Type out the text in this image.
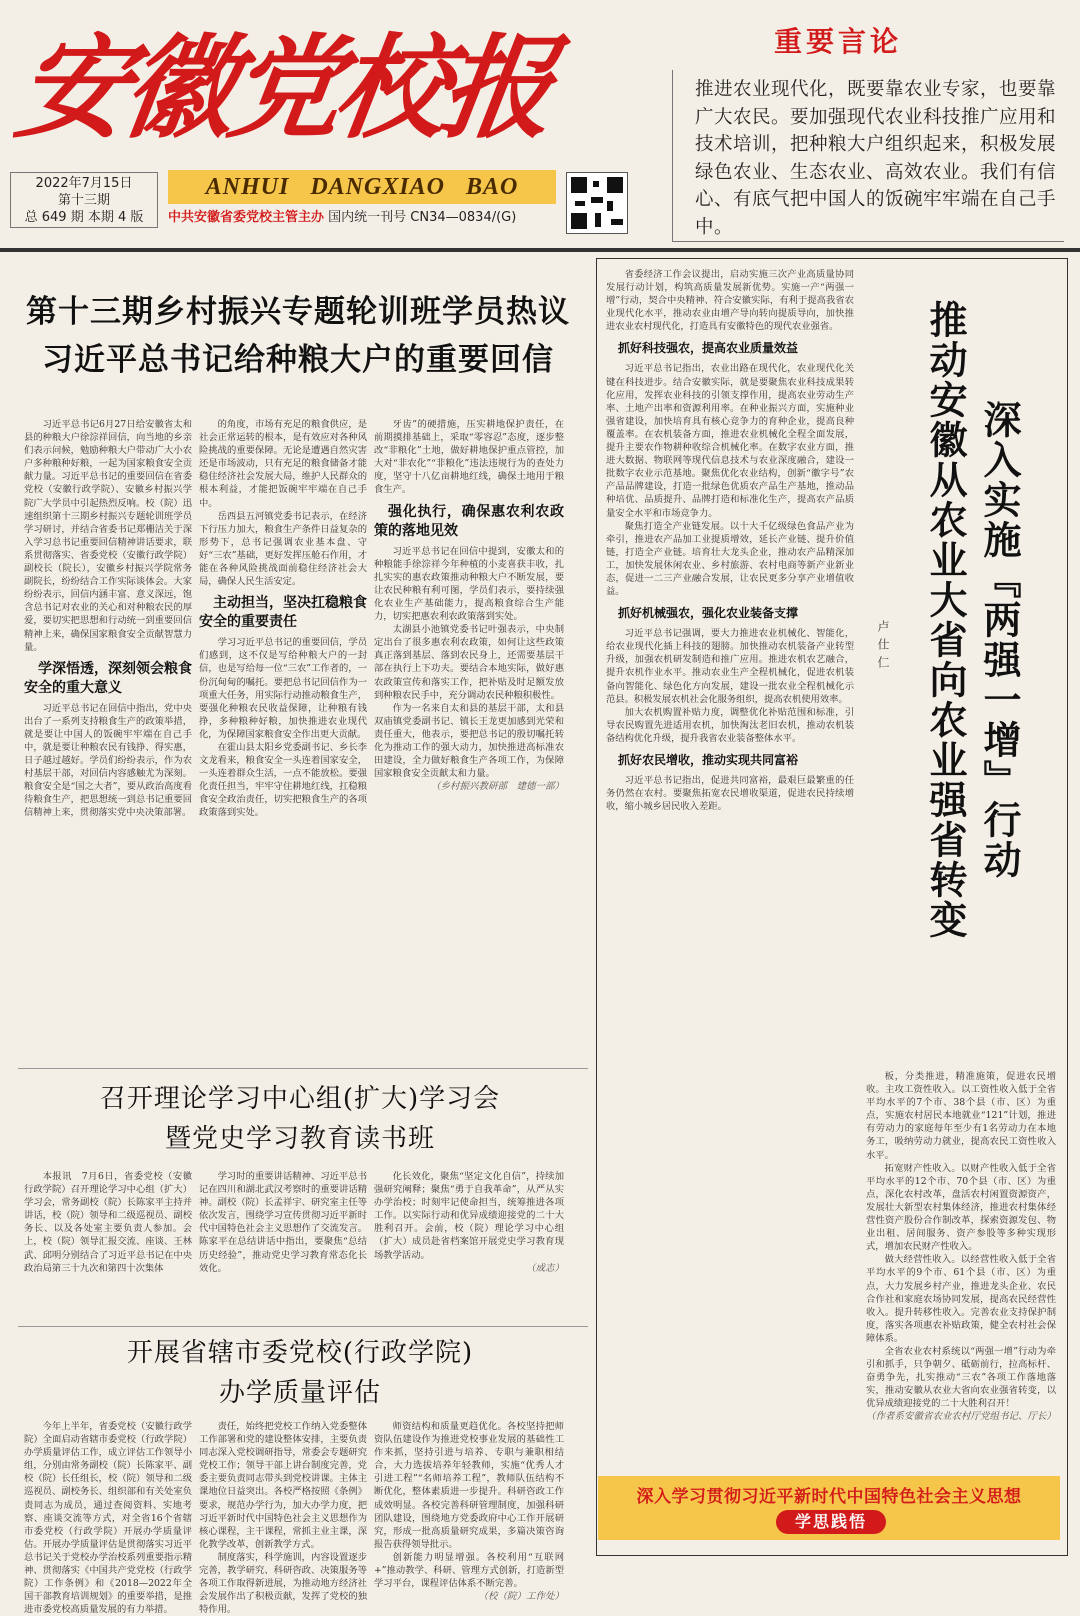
安徽党校报
2022年7月15日
第十三期
总 649 期 本期 4 版
ANHUI   DANGXIAO   BAO
中共安徽省委党校主管主办 国内统一刊号 CN34—0834/(G)
重要言论
推进农业现代化，既要靠农业专家，也要靠广大农民。要加强现代农业科技推广应用和技术培训，把种粮大户组织起来，积极发展绿色农业、生态农业、高效农业。我们有信心、有底气把中国人的饭碗牢牢端在自己手中。
第十三期乡村振兴专题轮训班学员热议
习近平总书记给种粮大户的重要回信

习近平总书记6月27日给安徽省太和县的种粮大户徐淙祥回信，向当地的乡亲们表示问候，勉励种粮大户带动广大小农户多种粮种好粮，一起为国家粮食安全贡献力量。习近平总书记的重要回信在省委党校（安徽行政学院）、安徽乡村振兴学院广大学员中引起热烈反响。校（院）迅速组织第十三期乡村振兴专题轮训班学员学习研讨，并结合省委书记郑栅洁关于深入学习总书记重要回信精神讲话要求，联系贯彻落实、省委党校（安徽行政学院）副校长（院长），安徽乡村振兴学院常务副院长，纷纷结合工作实际谈体会。大家纷纷表示，回信内涵丰富、意义深远，饱含总书记对农业的关心和对种粮农民的厚爱，要切实把思想和行动统一到重要回信精神上来，确保国家粮食安全贡献智慧力量。

学深悟透，深刻领会粮食安全的重大意义

习近平总书记在回信中指出，党中央出台了一系列支持粮食生产的政策举措，就是要让中国人的饭碗牢牢端在自己手中，就是要让种粮农民有钱挣、得实惠，日子越过越好。学员们纷纷表示，作为农村基层干部，对回信内容感触尤为深刻。粮食安全是“国之大者”，要从政治高度看待粮食生产，把思想统一到总书记重要回信精神上来，贯彻落实党中央决策部署。

的角度，市场有充足的粮食供应，是社会正常运转的根本，是有效应对各种风险挑战的重要保障。无论是遭遇自然灾害还是市场波动，只有充足的粮食储备才能稳住经济社会发展大局，维护人民群众的根本利益，才能把饭碗牢牢端在自己手中。

岳西县五河镇党委书记表示，在经济下行压力加大，粮食生产条件日益复杂的形势下，总书记强调农业基本盘、守好“三农”基础，更好发挥压舱石作用，才能在各种风险挑战面前稳住经济社会大局，确保人民生活安定。

主动担当，坚决扛稳粮食安全的重要责任

学习习近平总书记的重要回信，学员们感到，这不仅是写给种粮大户的一封信，也是写给每一位“三农”工作者的，一份沉甸甸的嘱托。要把总书记回信作为一项重大任务，用实际行动推动粮食生产，要强化种粮农民收益保障，让种粮有钱挣，多种粮种好粮，加快推进农业现代化，为保障国家粮食安全作出更大贡献。

在霍山县太阳乡党委副书记、乡长李文龙看来，粮食安全一头连着国家安全，一头连着群众生活，一点不能放松。要强化责任担当，牢牢守住耕地红线，扛稳粮食安全政治责任，切实把粮食生产的各项政策落到实处。

牙齿”的硬措施，压实耕地保护责任，在前期摸排基础上，采取“零容忍”态度，逐步整改“非粮化”土地，做好耕地保护重点管控，加大对“非农化”“非粮化”违法违规行为的查处力度，坚守十八亿亩耕地红线，确保土地用于粮食生产。

强化执行，确保惠农利农政策的落地见效

习近平总书记在回信中提到，安徽太和的种粮能手徐淙祥今年种植的小麦喜获丰收，扎扎实实的惠农政策推动种粮大户不断发展，要让农民种粮有利可图，学员们表示，要持续强化农业生产基础能力，提高粮食综合生产能力，切实把惠农利农政策落到实处。

太湖县小池镇党委书记叶强表示，中央制定出台了很多惠农利农政策，如何让这些政策真正落到基层、落到农民身上，还需要基层干部在执行上下功夫。要结合本地实际，做好惠农政策宣传和落实工作，把补贴及时足额发放到种粮农民手中，充分调动农民种粮积极性。

作为一名来自太和县的基层干部，太和县双庙镇党委副书记、镇长王龙更加感到光荣和责任重大，他表示，要把总书记的殷切嘱托转化为推动工作的强大动力，加快推进高标准农田建设，全力做好粮食生产各项工作，为保障国家粮食安全贡献太和力量。

（乡村振兴教研部　建德一部）
召开理论学习中心组(扩大)学习会
暨党史学习教育读书班

本报讯　7月6日，省委党校（安徽行政学院）召开理论学习中心组（扩大）学习会，常务副校（院）长陈家平主持并讲话，校（院）领导和二级巡视员、副校务长、以及各处室主要负责人参加。会上，校（院）领导汇报交流、座谈、王林武、邱明分别结合了习近平总书记在中央政治局第三十九次和第四十次集体

学习时的重要讲话精神、习近平总书记在四川和湖北武汉考察时的重要讲话精神。副校（院）长孟祥宇、研究室主任等依次发言，围绕学习宣传贯彻习近平新时代中国特色社会主义思想作了交流发言。陈家平在总结讲话中指出，要聚焦“总结历史经验”，推动党史学习教育常态化长效化。

化长效化，聚焦“坚定文化自信”，持续加强研究阐释；聚焦“勇于自我革命”，从严从实办学治校；时刻牢记使命担当，统筹推进各项工作。以实际行动和优异成绩迎接党的二十大胜利召开。会前，校（院）理论学习中心组（扩大）成员赴省档案馆开展党史学习教育现场教学活动。

（成志）
开展省辖市委党校(行政学院)
办学质量评估

今年上半年，省委党校（安徽行政学院）全面启动省辖市委党校（行政学院）办学质量评估工作，成立评估工作领导小组，分别由常务副校（院）长陈家平、副校（院）长任组长，校（院）领导和二级巡视员、副校务长、组织部和有关处室负责同志为成员，通过查阅资料、实地考察、座谈交流等方式，对全省16个省辖市委党校（行政学院）开展办学质量评估。开展办学质量评估是贯彻落实习近平总书记关于党校办学治校系列重要指示精神、贯彻落实《中国共产党党校（行政学院）工作条例》和《2018—2022年全国干部教育培训规划》的重要举措，是推进市委党校高质量发展的有力举措。

责任，始终把党校工作纳入党委整体工作部署和党的建设整体安排，主要负责同志深入党校调研指导，常委会专题研究党校工作；领导干部上讲台制度完善，党委主要负责同志带头到党校讲课。主体主课地位日益突出。各校严格按照《条例》要求，规范办学行为，加大办学力度，把习近平新时代中国特色社会主义思想作为核心课程，主干课程，常抓主业主课，深化教学改革，创新教学方式。

制度落实，科学施训，内容设置逐步完善，教学研究、科研咨政、决策服务等各项工作取得新进展，为推动地方经济社会发展作出了积极贡献，发挥了党校的独特作用。

师资结构和质量更趋优化。各校坚持把师资队伍建设作为推进党校事业发展的基础性工作来抓，坚持引进与培养、专职与兼职相结合，大力选拔培养年轻教师，实施“优秀人才引进工程”“名师培养工程”，教师队伍结构不断优化，整体素质进一步提升。科研咨政工作成效明显。各校完善科研管理制度，加强科研团队建设，围绕地方党委政府中心工作开展研究，形成一批高质量研究成果，多篇决策咨询报告获得领导批示。

创新能力明显增强。各校利用“互联网+”推动教学、科研、管理方式创新，打造新型学习平台，课程评估体系不断完善。

（校（院）工作处）
深入实施『两强一增』行动
推动安徽从农业大省向农业强省转变
卢仕仁

省委经济工作会议提出，启动实施三次产业高质量协同发展行动计划，构筑高质量发展新优势。实施一产“两强一增”行动，契合中央精神、符合安徽实际，有利于提高我省农业现代化水平，推动农业由增产导向转向提质导向，加快推进农业农村现代化，打造具有安徽特色的现代农业强省。

抓好科技强农，提高农业质量效益

习近平总书记指出，农业出路在现代化，农业现代化关键在科技进步。结合安徽实际，就是要聚焦农业科技成果转化应用，发挥农业科技的引领支撑作用，提高农业劳动生产率、土地产出率和资源利用率。在种业振兴方面，实施种业强省建设，加快培育具有核心竞争力的育种企业，提高良种覆盖率。在农机装备方面，推进农业机械化全程全面发展，提升主要农作物耕种收综合机械化率。在数字农业方面，推进大数据、物联网等现代信息技术与农业深度融合，建设一批数字农业示范基地。聚焦优化农业结构，创新“徽字号”农产品品牌建设，打造一批绿色优质农产品生产基地，推动品种培优、品质提升、品牌打造和标准化生产，提高农产品质量安全水平和市场竞争力。

聚焦打造全产业链发展。以十大千亿级绿色食品产业为牵引，推进农产品加工业提质增效，延长产业链、提升价值链，打造全产业链。培育壮大龙头企业，推动农产品精深加工，加快发展休闲农业、乡村旅游、农村电商等新产业新业态，促进一二三产业融合发展，让农民更多分享产业增值收益。

抓好机械强农，强化农业装备支撑

习近平总书记强调，要大力推进农业机械化、智能化，给农业现代化插上科技的翅膀。加快推动农机装备产业转型升级，加强农机研发制造和推广应用。推进农机农艺融合，提升农机作业水平。推动农业生产全程机械化，促进农机装备向智能化、绿色化方向发展，建设一批农业全程机械化示范县。积极发展农机社会化服务组织，提高农机使用效率。

加大农机购置补贴力度，调整优化补贴范围和标准，引导农民购置先进适用农机，加快淘汰老旧农机，推动农机装备结构优化升级，提升我省农业装备整体水平。

抓好农民增收，推动实现共同富裕

习近平总书记指出，促进共同富裕，最艰巨最繁重的任务仍然在农村。要聚焦拓宽农民增收渠道，促进农民持续增收，缩小城乡居民收入差距。

板，分类推进，精准施策，促进农民增收。主攻工资性收入。以工资性收入低于全省平均水平的7个市、38个县（市、区）为重点，实施农村居民本地就业“121”计划，推进有劳动力的家庭每年至少有1名劳动力在本地务工，吸纳劳动力就业，提高农民工资性收入水平。

拓宽财产性收入。以财产性收入低于全省平均水平的12个市、70个县（市、区）为重点，深化农村改革，盘活农村闲置资源资产，发展壮大新型农村集体经济，推进农村集体经营性资产股份合作制改革，探索资源发包、物业出租、居间服务、资产参股等多种实现形式，增加农民财产性收入。

做大经营性收入。以经营性收入低于全省平均水平的9个市、61个县（市、区）为重点，大力发展乡村产业，推进龙头企业、农民合作社和家庭农场协同发展，提高农民经营性收入。提升转移性收入。完善农业支持保护制度，落实各项惠农补贴政策，健全农村社会保障体系。

全省农业农村系统以“两强一增”行动为牵引和抓手，只争朝夕、砥砺前行，拉高标杆、奋勇争先，扎实推动“三农”各项工作落地落实，推动安徽从农业大省向农业强省转变，以优异成绩迎接党的二十大胜利召开！

（作者系安徽省农业农村厅党组书记、厅长）
深入学习贯彻习近平新时代中国特色社会主义思想
学思践悟
